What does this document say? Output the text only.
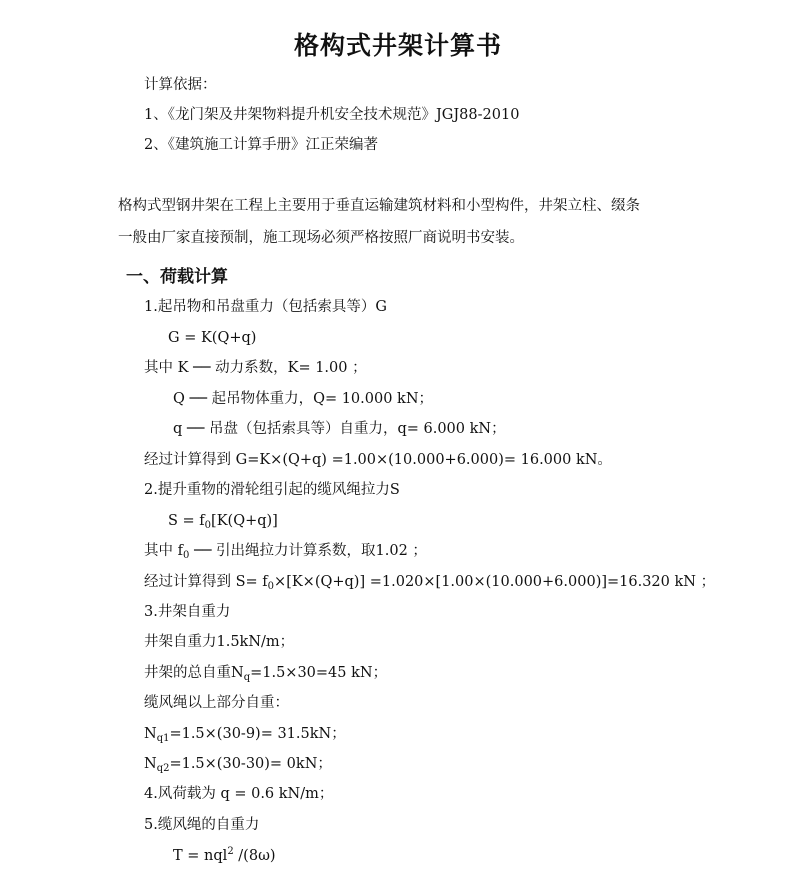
格构式井架计算书
计算依据：
1、《龙门架及井架物料提升机安全技术规范》JGJ88-2010
2、《建筑施工计算手册》江正荣编著
格构式型钢井架在工程上主要用于垂直运输建筑材料和小型构件，井架立柱、缀条
一般由厂家直接预制，施工现场必须严格按照厂商说明书安装。
一、荷载计算
1.起吊物和吊盘重力（包括索具等）G
G = K(Q+q)
其中 K ── 动力系数，K= 1.00 ；
Q ── 起吊物体重力，Q= 10.000 kN；
q ── 吊盘（包括索具等）自重力，q= 6.000 kN；
经过计算得到 G=K×(Q+q) =1.00×(10.000+6.000)= 16.000 kN。
2.提升重物的滑轮组引起的缆风绳拉力S
$S = f_0[K(Q+q)]$
其中 $f_0$ ── 引出绳拉力计算系数，取1.02 ；
经过计算得到 $S= f_0\times[K\times(Q+q)] =1.020\times[1.00\times(10.000+6.000)]=16.320$ kN ；
3.井架自重力
井架自重力1.5kN/m；
井架的总自重$N_q=1.5\times 30=45$ kN；
缆风绳以上部分自重：
$N_{q1}=1.5\times(30-9)= 31.5kN$；
$N_{q2}=1.5\times(30-30)= 0kN$；
4.风荷载为 q = 0.6 kN/m；
5.缆风绳的自重力
T = nql$^2$ /(8ω)
